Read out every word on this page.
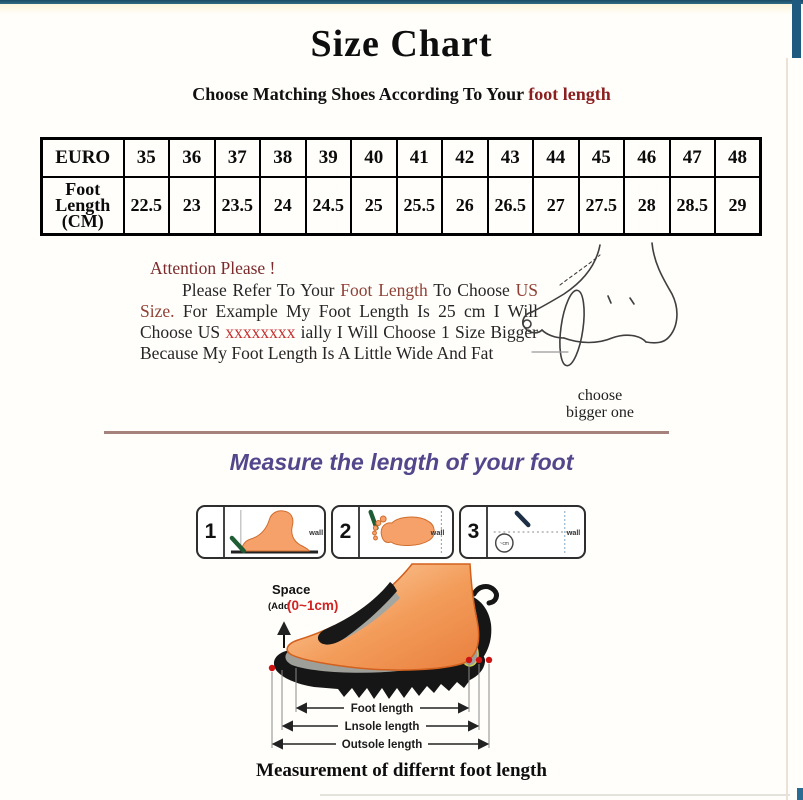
Size Chart
Choose Matching Shoes According To Your foot length
EURO	35	36	37	38	39	40	41	42	43	44	45	46	47	48

Foot
Length
(CM)	22.5	23	23.5	24	24.5	25	25.5	26	26.5	27	27.5	28	28.5	29
Attention Please !

Please Refer To Your Foot Length To Choose US Size. For Example My Foot Length Is 25 cm I Will Choose US xxxxxxxx ially I Will Choose 1 Size Bigger Because My Foot Length Is A Little Wide And Fat

choose
bigger one
Measure the length of your foot
1	wall 2	wall	3
~cm
wall
Space
(Add
(0~1cm)
Foot length
Lnsole length
Outsole length
Measurement of differnt foot length
